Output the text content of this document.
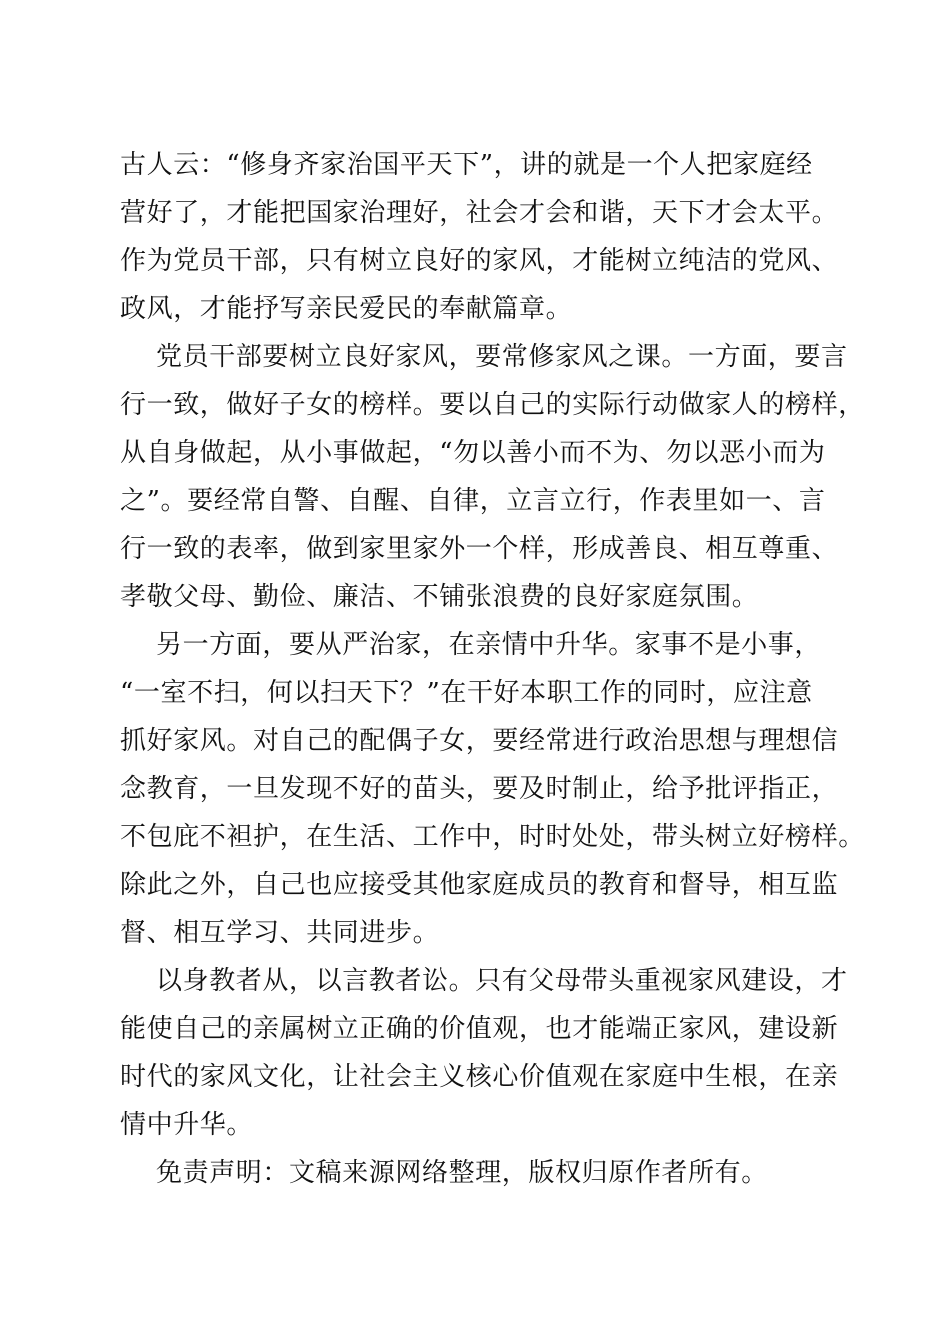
古人云：“修身齐家治国平天下”，讲的就是一个人把家庭经
营好了，才能把国家治理好，社会才会和谐，天下才会太平。
作为党员干部，只有树立良好的家风，才能树立纯洁的党风、
政风，才能抒写亲民爱民的奉献篇章。
党员干部要树立良好家风，要常修家风之课。一方面，要言
行一致，做好子女的榜样。要以自己的实际行动做家人的榜样，
从自身做起，从小事做起，“勿以善小而不为、勿以恶小而为
之”。要经常自警、自醒、自律，立言立行，作表里如一、言
行一致的表率，做到家里家外一个样，形成善良、相互尊重、
孝敬父母、勤俭、廉洁、不铺张浪费的良好家庭氛围。
另一方面，要从严治家，在亲情中升华。家事不是小事，
“一室不扫，何以扫天下？”在干好本职工作的同时，应注意
抓好家风。对自己的配偶子女，要经常进行政治思想与理想信
念教育，一旦发现不好的苗头，要及时制止，给予批评指正，
不包庇不袒护，在生活、工作中，时时处处，带头树立好榜样。
除此之外，自己也应接受其他家庭成员的教育和督导，相互监
督、相互学习、共同进步。
以身教者从，以言教者讼。只有父母带头重视家风建设，才
能使自己的亲属树立正确的价值观，也才能端正家风，建设新
时代的家风文化，让社会主义核心价值观在家庭中生根，在亲
情中升华。
免责声明：文稿来源网络整理，版权归原作者所有。
